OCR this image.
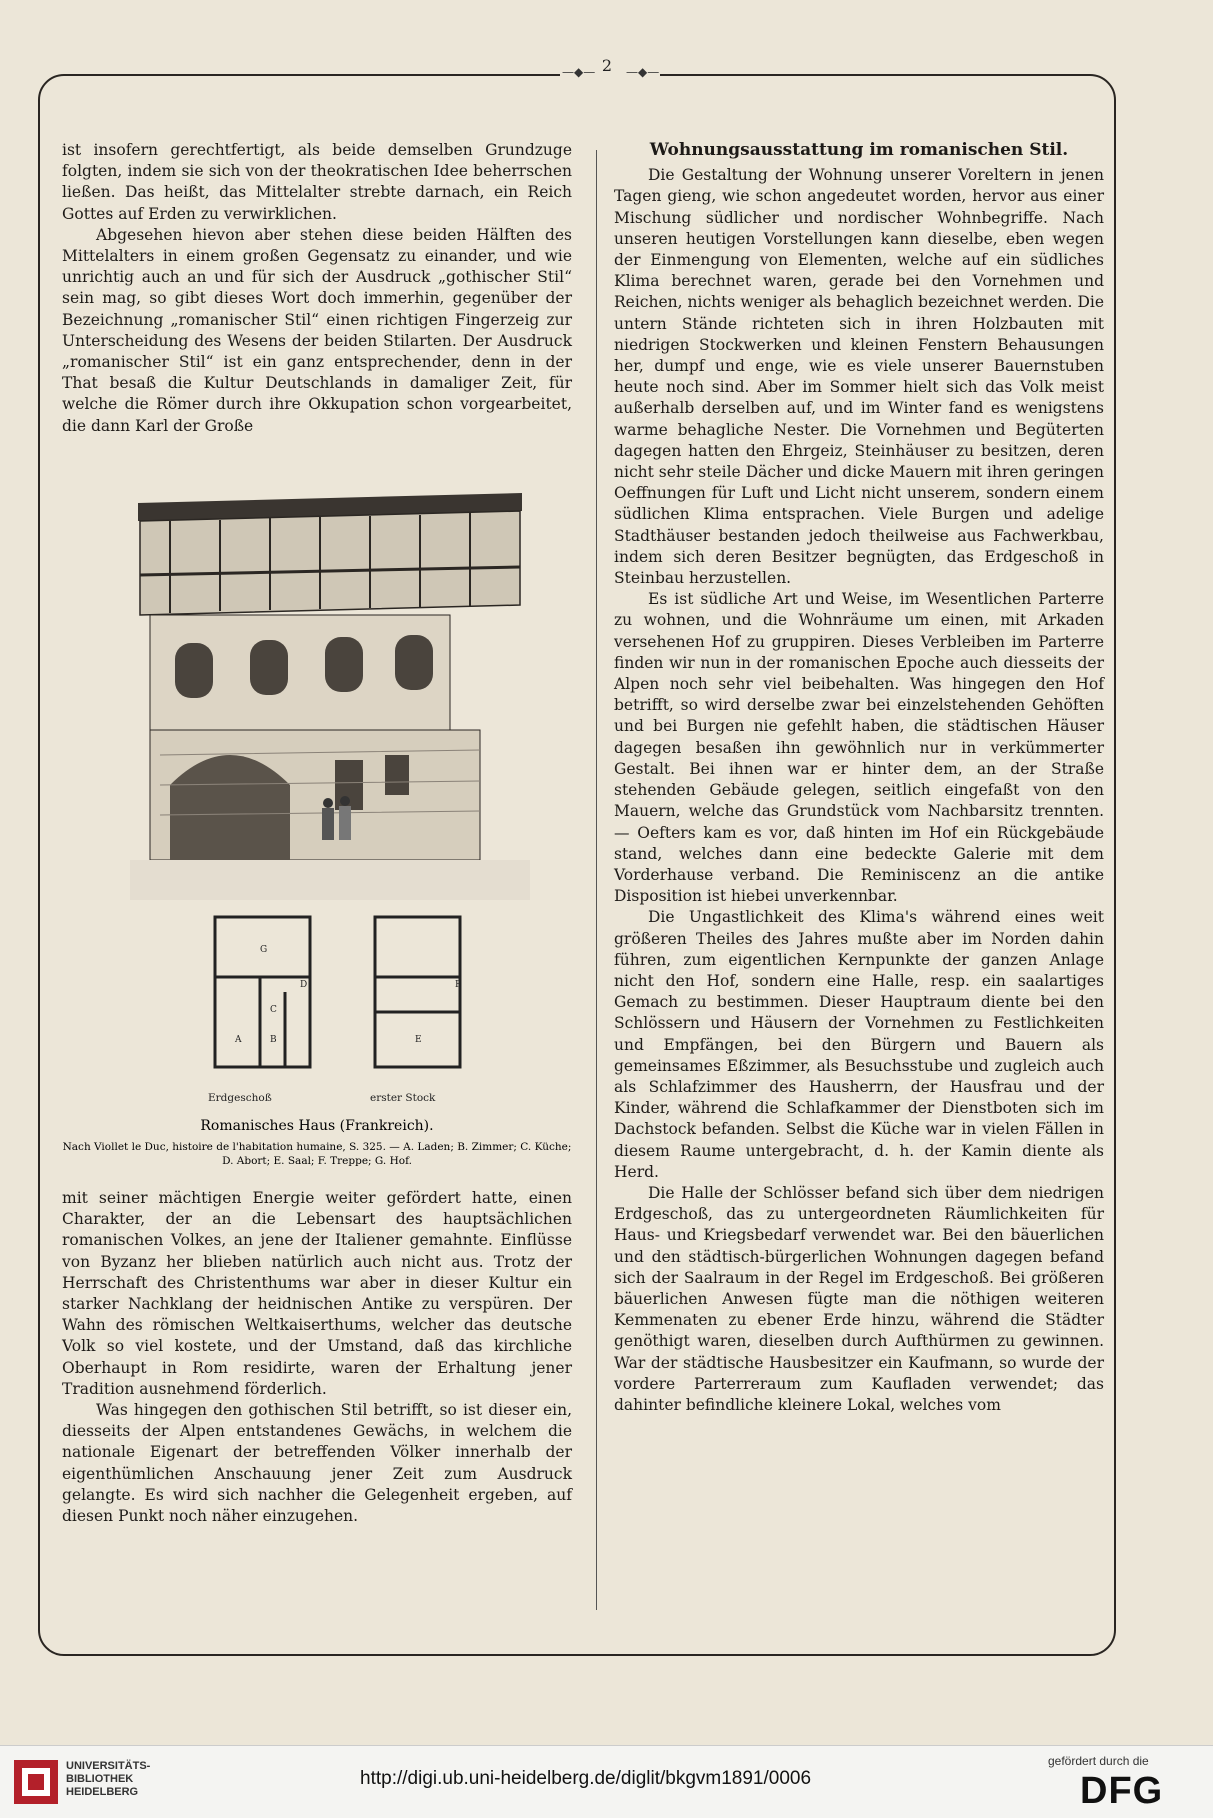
—◆— 2	—◆—

ist insofern gerechtfertigt, als beide demselben Grundzuge folgten, indem sie sich von der theokratischen Idee beherrschen ließen. Das heißt, das Mittelalter strebte darnach, ein Reich Gottes auf Erden zu verwirklichen.

Abgesehen hievon aber stehen diese beiden Hälften des Mittelalters in einem großen Gegensatz zu einander, und wie unrichtig auch an und für sich der Ausdruck „gothischer Stil“ sein mag, so gibt dieses Wort doch immerhin, gegenüber der Bezeichnung „romanischer Stil“ einen richtigen Fingerzeig zur Unterscheidung des Wesens der beiden Stilarten. Der Ausdruck „romanischer Stil“ ist ein ganz entsprechender, denn in der That besaß die Kultur Deutschlands in damaliger Zeit, für welche die Römer durch ihre Okkupation schon vorgearbeitet, die dann Karl der Große

G
D
C
A	B
F
E
Erdgeschoß	erster Stock
Romanisches Haus (Frankreich).
Nach Viollet le Duc, histoire de l'habitation humaine, S. 325. — A. Laden; B. Zimmer; C. Küche; D. Abort; E. Saal; F. Treppe; G. Hof.

mit seiner mächtigen Energie weiter gefördert hatte, einen Charakter, der an die Lebensart des hauptsächlichen romanischen Volkes, an jene der Italiener gemahnte. Einflüsse von Byzanz her blieben natürlich auch nicht aus. Trotz der Herrschaft des Christenthums war aber in dieser Kultur ein starker Nachklang der heidnischen Antike zu verspüren. Der Wahn des römischen Weltkaiserthums, welcher das deutsche Volk so viel kostete, und der Umstand, daß das kirchliche Oberhaupt in Rom residirte, waren der Erhaltung jener Tradition ausnehmend förderlich.

Was hingegen den gothischen Stil betrifft, so ist dieser ein, diesseits der Alpen entstandenes Gewächs, in welchem die nationale Eigenart der betreffenden Völker innerhalb der eigenthümlichen Anschauung jener Zeit zum Ausdruck gelangte. Es wird sich nachher die Gelegenheit ergeben, auf diesen Punkt noch näher einzugehen.

Wohnungsausstattung im romanischen Stil.

Die Gestaltung der Wohnung unserer Voreltern in jenen Tagen gieng, wie schon angedeutet worden, hervor aus einer Mischung südlicher und nordischer Wohnbegriffe. Nach unseren heutigen Vorstellungen kann dieselbe, eben wegen der Einmengung von Elementen, welche auf ein südliches Klima berechnet waren, gerade bei den Vornehmen und Reichen, nichts weniger als behaglich bezeichnet werden. Die untern Stände richteten sich in ihren Holzbauten mit niedrigen Stockwerken und kleinen Fenstern Behausungen her, dumpf und enge, wie es viele unserer Bauernstuben heute noch sind. Aber im Sommer hielt sich das Volk meist außerhalb derselben auf, und im Winter fand es wenigstens warme behagliche Nester. Die Vornehmen und Begüterten dagegen hatten den Ehrgeiz, Steinhäuser zu besitzen, deren nicht sehr steile Dächer und dicke Mauern mit ihren geringen Oeffnungen für Luft und Licht nicht unserem, sondern einem südlichen Klima entsprachen. Viele Burgen und adelige Stadthäuser bestanden jedoch theilweise aus Fachwerkbau, indem sich deren Besitzer begnügten, das Erdgeschoß in Steinbau herzustellen.

Es ist südliche Art und Weise, im Wesentlichen Parterre zu wohnen, und die Wohnräume um einen, mit Arkaden versehenen Hof zu gruppiren. Dieses Verbleiben im Parterre finden wir nun in der romanischen Epoche auch diesseits der Alpen noch sehr viel beibehalten. Was hingegen den Hof betrifft, so wird derselbe zwar bei einzelstehenden Gehöften und bei Burgen nie gefehlt haben, die städtischen Häuser dagegen besaßen ihn gewöhnlich nur in verkümmerter Gestalt. Bei ihnen war er hinter dem, an der Straße stehenden Gebäude gelegen, seitlich eingefaßt von den Mauern, welche das Grundstück vom Nachbarsitz trennten. — Oefters kam es vor, daß hinten im Hof ein Rückgebäude stand, welches dann eine bedeckte Galerie mit dem Vorderhause verband. Die Reminiscenz an die antike Disposition ist hiebei unverkennbar.

Die Ungastlichkeit des Klima's während eines weit größeren Theiles des Jahres mußte aber im Norden dahin führen, zum eigentlichen Kernpunkte der ganzen Anlage nicht den Hof, sondern eine Halle, resp. ein saalartiges Gemach zu bestimmen. Dieser Hauptraum diente bei den Schlössern und Häusern der Vornehmen zu Festlichkeiten und Empfängen, bei den Bürgern und Bauern als gemeinsames Eßzimmer, als Besuchsstube und zugleich auch als Schlafzimmer des Hausherrn, der Hausfrau und der Kinder, während die Schlafkammer der Dienstboten sich im Dachstock befanden. Selbst die Küche war in vielen Fällen in diesem Raume untergebracht, d. h. der Kamin diente als Herd.

Die Halle der Schlösser befand sich über dem niedrigen Erdgeschoß, das zu untergeordneten Räumlichkeiten für Haus- und Kriegsbedarf verwendet war. Bei den bäuerlichen und den städtisch-bürgerlichen Wohnungen dagegen befand sich der Saalraum in der Regel im Erdgeschoß. Bei größeren bäuerlichen Anwesen fügte man die nöthigen weiteren Kemmenaten zu ebener Erde hinzu, während die Städter genöthigt waren, dieselben durch Aufthürmen zu gewinnen. War der städtische Hausbesitzer ein Kaufmann, so wurde der vordere Parterreraum zum Kaufladen verwendet; das dahinter befindliche kleinere Lokal, welches vom

UNIVERSITÄTS-
BIBLIOTHEK
HEIDELBERG
http://digi.ub.uni-heidelberg.de/diglit/bkgvm1891/0006
gefördert durch die
DFG
